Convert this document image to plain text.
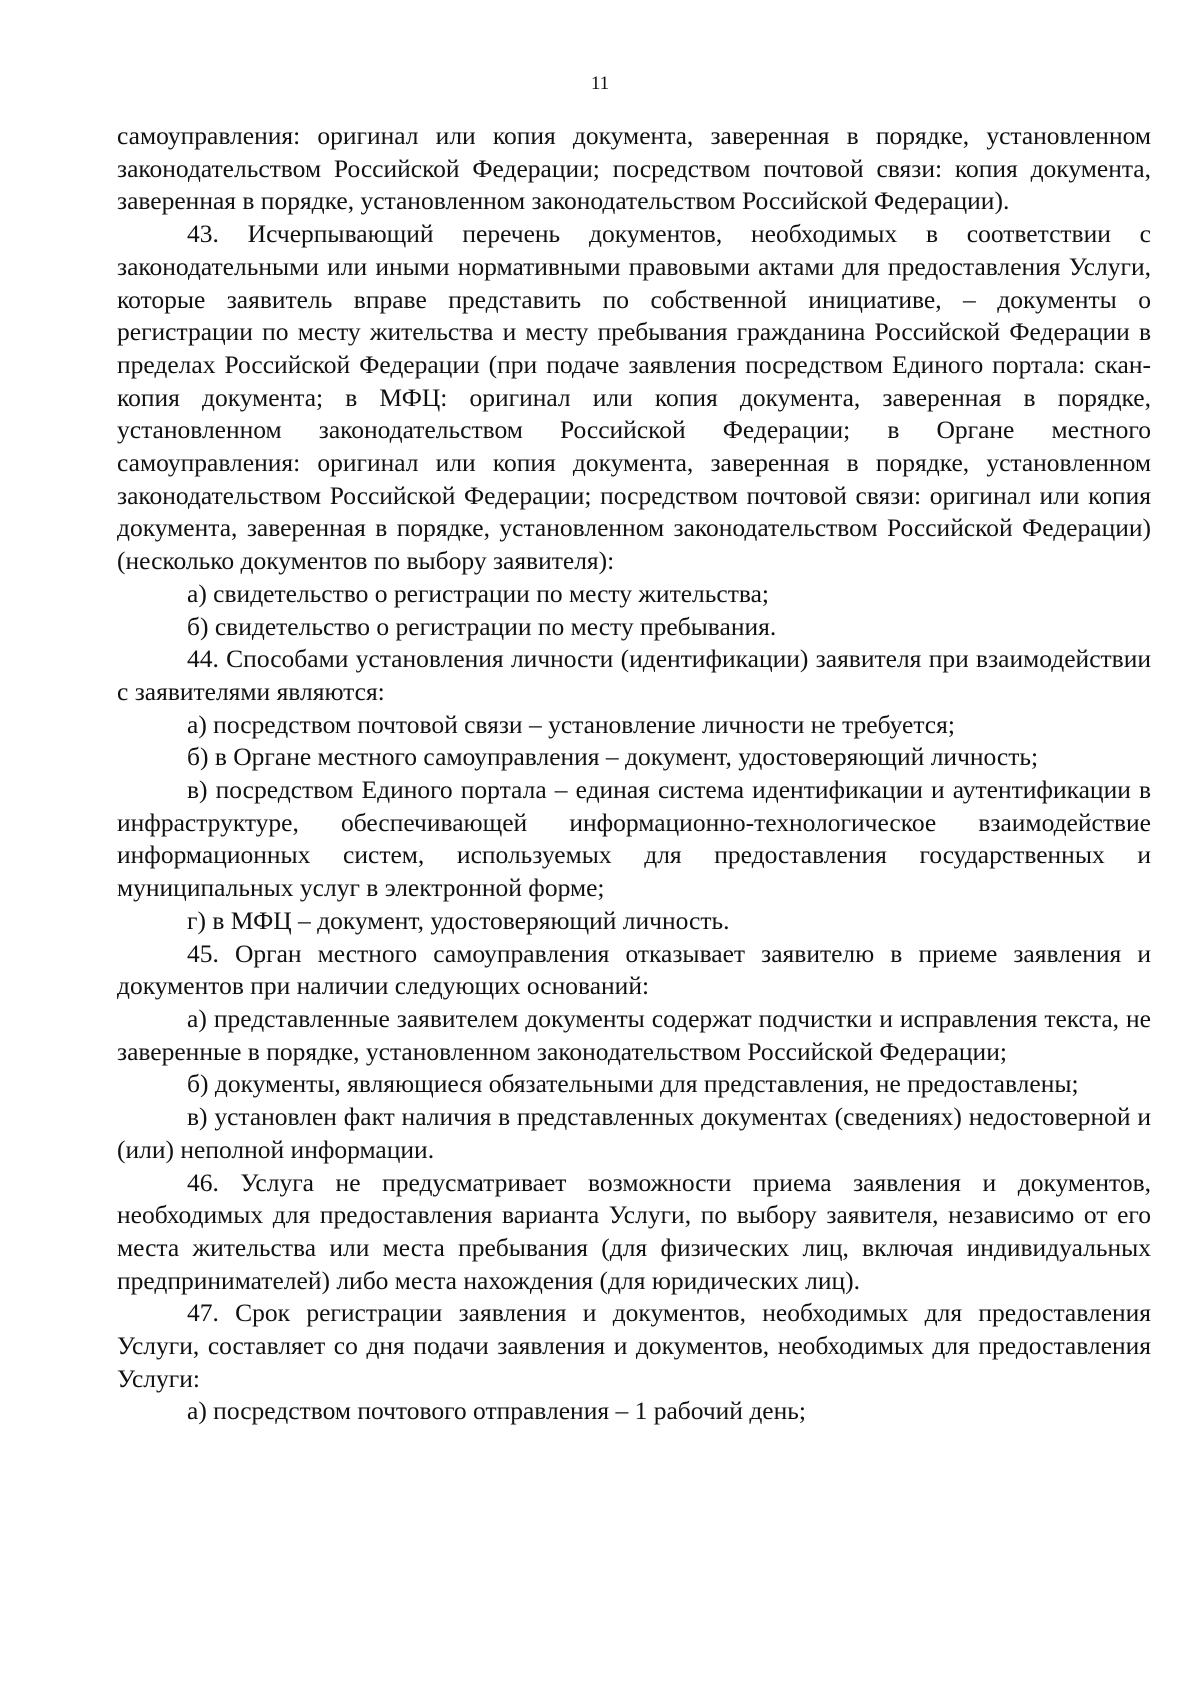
11

самоуправления: оригинал или копия документа, заверенная в порядке, установленном законодательством Российской Федерации; посредством почтовой связи: копия документа, заверенная в порядке, установленном законодательством Российской Федерации).

43. Исчерпывающий перечень документов, необходимых в соответствии с законодательными или иными нормативными правовыми актами для предоставления Услуги, которые заявитель вправе представить по собственной инициативе, – документы о регистрации по месту жительства и месту пребывания гражданина Российской Федерации в пределах Российской Федерации (при подаче заявления посредством Единого портала: скан-копия документа; в МФЦ: оригинал или копия документа, заверенная в порядке, установленном законодательством Российской Федерации; в Органе местного самоуправления: оригинал или копия документа, заверенная в порядке, установленном законодательством Российской Федерации; посредством почтовой связи: оригинал или копия документа, заверенная в порядке, установленном законодательством Российской Федерации) (несколько документов по выбору заявителя):

а) свидетельство о регистрации по месту жительства;

б) свидетельство о регистрации по месту пребывания.

44. Способами установления личности (идентификации) заявителя при взаимодействии с заявителями являются:

а) посредством почтовой связи – установление личности не требуется;

б) в Органе местного самоуправления – документ, удостоверяющий личность;

в) посредством Единого портала – единая система идентификации и аутентификации в инфраструктуре, обеспечивающей информационно-технологическое взаимодействие информационных систем, используемых для предоставления государственных и муниципальных услуг в электронной форме;

г) в МФЦ – документ, удостоверяющий личность.

45. Орган местного самоуправления отказывает заявителю в приеме заявления и документов при наличии следующих оснований:

а) представленные заявителем документы содержат подчистки и исправления текста, не заверенные в порядке, установленном законодательством Российской Федерации;

б) документы, являющиеся обязательными для представления, не предоставлены;

в) установлен факт наличия в представленных документах (сведениях) недостоверной и (или) неполной информации.

46. Услуга не предусматривает возможности приема заявления и документов, необходимых для предоставления варианта Услуги, по выбору заявителя, независимо от его места жительства или места пребывания (для физических лиц, включая индивидуальных предпринимателей) либо места нахождения (для юридических лиц).

47. Срок регистрации заявления и документов, необходимых для предоставления Услуги, составляет со дня подачи заявления и документов, необходимых для предоставления Услуги:

а) посредством почтового отправления – 1 рабочий день;
